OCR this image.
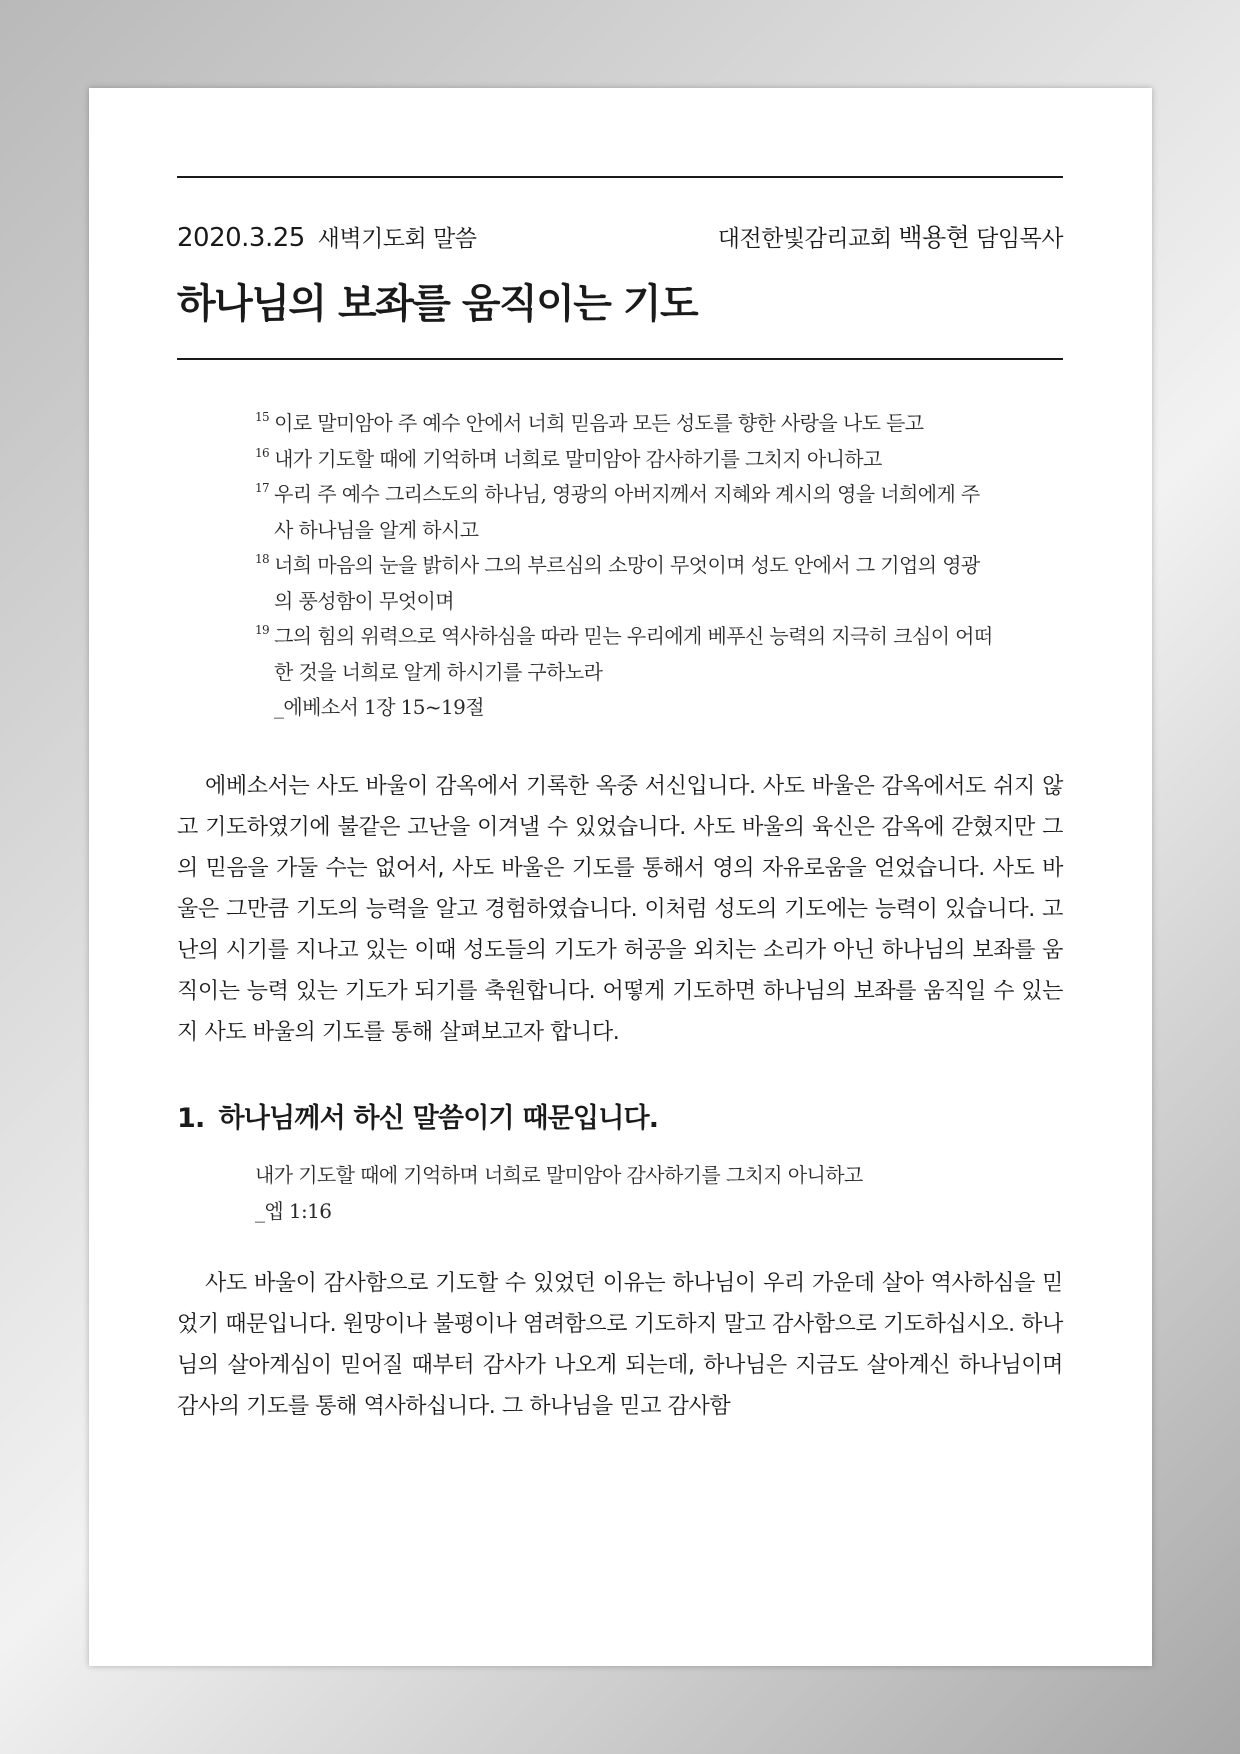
2020.3.25 새벽기도회 말씀	대전한빛감리교회 백용현 담임목사
하나님의 보좌를 움직이는 기도
$^{15}$ 이로 말미암아 주 예수 안에서 너희 믿음과 모든 성도를 향한 사랑을 나도 듣고
$^{16}$ 내가 기도할 때에 기억하며 너희로 말미암아 감사하기를 그치지 아니하고
$^{17}$ 우리 주 예수 그리스도의 하나님, 영광의 아버지께서 지혜와 계시의 영을 너희에게 주사 하나님을 알게 하시고
$^{18}$ 너희 마음의 눈을 밝히사 그의 부르심의 소망이 무엇이며 성도 안에서 그 기업의 영광의 풍성함이 무엇이며
$^{19}$ 그의 힘의 위력으로 역사하심을 따라 믿는 우리에게 베푸신 능력의 지극히 크심이 어떠한 것을 너희로 알게 하시기를 구하노라
_에베소서 1장 15~19절

에베소서는 사도 바울이 감옥에서 기록한 옥중 서신입니다. 사도 바울은 감옥에서도 쉬지 않고 기도하였기에 불같은 고난을 이겨낼 수 있었습니다. 사도 바울의 육신은 감옥에 갇혔지만 그의 믿음을 가둘 수는 없어서, 사도 바울은 기도를 통해서 영의 자유로움을 얻었습니다. 사도 바울은 그만큼 기도의 능력을 알고 경험하였습니다. 이처럼 성도의 기도에는 능력이 있습니다. 고난의 시기를 지나고 있는 이때 성도들의 기도가 허공을 외치는 소리가 아닌 하나님의 보좌를 움직이는 능력 있는 기도가 되기를 축원합니다. 어떻게 기도하면 하나님의 보좌를 움직일 수 있는지 사도 바울의 기도를 통해 살펴보고자 합니다.

1. 하나님께서 하신 말씀이기 때문입니다.
내가 기도할 때에 기억하며 너희로 말미암아 감사하기를 그치지 아니하고
_엡 1:16

사도 바울이 감사함으로 기도할 수 있었던 이유는 하나님이 우리 가운데 살아 역사하심을 믿었기 때문입니다. 원망이나 불평이나 염려함으로 기도하지 말고 감사함으로 기도하십시오. 하나님의 살아계심이 믿어질 때부터 감사가 나오게 되는데, 하나님은 지금도 살아계신 하나님이며 감사의 기도를 통해 역사하십니다. 그 하나님을 믿고 감사함
